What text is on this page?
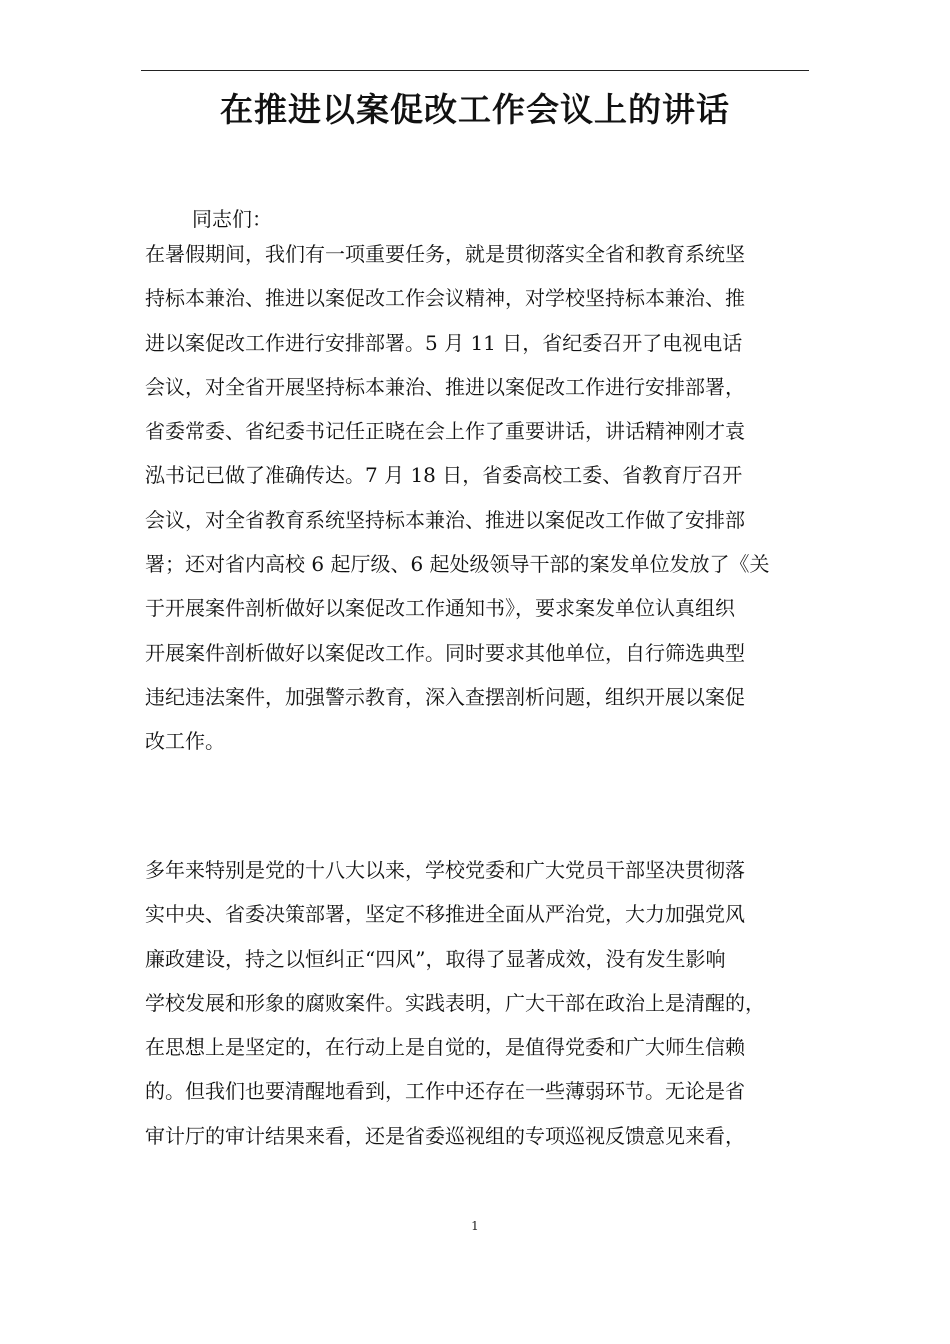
在推进以案促改工作会议上的讲话

同志们：

在暑假期间，我们有一项重要任务，就是贯彻落实全省和教育系统坚
持标本兼治、推进以案促改工作会议精神，对学校坚持标本兼治、推
进以案促改工作进行安排部署。5 月 11 日，省纪委召开了电视电话
会议，对全省开展坚持标本兼治、推进以案促改工作进行安排部署，
省委常委、省纪委书记任正晓在会上作了重要讲话，讲话精神刚才袁
泓书记已做了准确传达。7 月 18 日，省委高校工委、省教育厅召开
会议，对全省教育系统坚持标本兼治、推进以案促改工作做了安排部
署；还对省内高校 6 起厅级、6 起处级领导干部的案发单位发放了《关
于开展案件剖析做好以案促改工作通知书》，要求案发单位认真组织
开展案件剖析做好以案促改工作。同时要求其他单位，自行筛选典型
违纪违法案件，加强警示教育，深入查摆剖析问题，组织开展以案促
改工作。

多年来特别是党的十八大以来，学校党委和广大党员干部坚决贯彻落
实中央、省委决策部署，坚定不移推进全面从严治党，大力加强党风
廉政建设，持之以恒纠正“四风”，取得了显著成效，没有发生影响
学校发展和形象的腐败案件。实践表明，广大干部在政治上是清醒的，
在思想上是坚定的，在行动上是自觉的，是值得党委和广大师生信赖
的。但我们也要清醒地看到，工作中还存在一些薄弱环节。无论是省
审计厅的审计结果来看，还是省委巡视组的专项巡视反馈意见来看，

1
